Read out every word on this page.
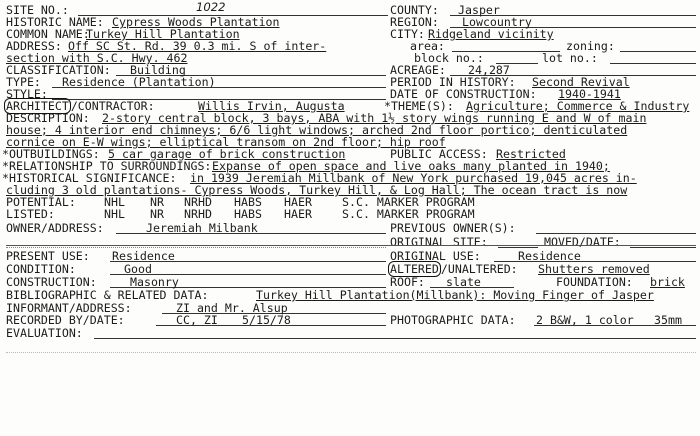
SITE NO.:	1022	COUNTY: Jasper
HISTORIC NAME: Cypress Woods Plantation	REGION: Lowcountry
COMMON NAME:
Turkey Hill Plantation	CITY: Ridgeland vicinity
ADDRESS: Off SC St. Rd. 39 0.3 mi. S of inter-	area:	zoning:
section with S.C. Hwy. 462	block no.:	lot no.:
CLASSIFICATION: Building	ACREAGE: 24,287
TYPE: Residence (Plantation)	PERIOD IN HISTORY: Second Revival
STYLE:	DATE OF CONSTRUCTION: 1940-1941
ARCHITECT /CONTRACTOR:	Willis Irvin, Augusta	*THEME(S): Agriculture; Commerce & Industry
DESCRIPTION: 2-story central block, 3 bays, ABA with 1½ story wings running E and W of main
house; 4 interior end chimneys; 6/6 light windows; arched 2nd floor portico; denticulated
cornice on E-W wings; elliptical transom on 2nd floor; hip roof
*OUTBUILDINGS: 5 car garage of brick construction	PUBLIC ACCESS: Restricted
*RELATIONSHIP TO SURROUNDINGS: Expanse of open space and live oaks many planted in 1940;
*HISTORICAL SIGNIFICANCE: in 1939 Jeremiah Millbank of New York purchased 19,045 acres in-
cluding 3 old plantations- Cypress Woods, Turkey Hill, & Log Hall; The ocean tract is now
POTENTIAL: NHL NR NRHD HABS HAER	S.C. MARKER PROGRAM
LISTED:	NHL NR NRHD HABS HAER	S.C. MARKER PROGRAM
OWNER/ADDRESS:	Jeremiah Milbank	PREVIOUS OWNER(S):
ORIGINAL SITE:	MOVED/DATE:
PRESENT USE: Residence	ORIGINAL USE:	Residence
CONDITION:	Good	ALTERED /UNALTERED: Shutters removed
CONSTRUCTION:	Masonry	ROOF: slate	FOUNDATION: brick
BIBLIOGRAPHIC & RELATED DATA:	Turkey Hill Plantation(Millbank): Moving Finger of Jasper
INFORMANT/ADDRESS:	ZI and Mr. Alsup
RECORDED BY/DATE:	CC, ZI 5/15/78	PHOTOGRAPHIC DATA: 2 B&W, 1 color 35mm
EVALUATION:
